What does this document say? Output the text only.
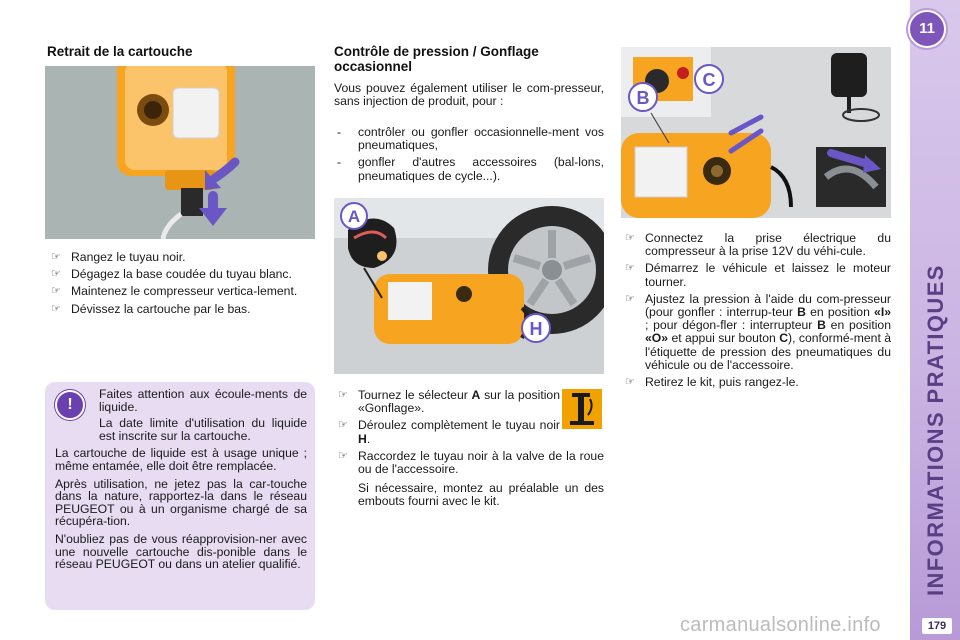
11
INFORMATIONS PRATIQUES
179
Retrait de la cartouche
☞ Rangez le tuyau noir.
☞ Dégagez la base coudée du tuyau blanc.
☞ Maintenez le compresseur vertica-lement.
☞ Dévissez la cartouche par le bas.
!

Faites attention aux écoule-ments de liquide.

La date limite d'utilisation du liquide est inscrite sur la cartouche.

La cartouche de liquide est à usage unique ; même entamée, elle doit être remplacée.

Après utilisation, ne jetez pas la car-touche dans la nature, rapportez-la dans le réseau PEUGEOT ou à un organisme chargé de sa récupéra-tion.

N'oubliez pas de vous réapprovision-ner avec une nouvelle cartouche dis-ponible dans le réseau PEUGEOT ou dans un atelier qualifié.

Contrôle de pression / Gonflage occasionnel
Vous pouvez également utiliser le com-presseur, sans injection de produit, pour :
- contrôler ou gonfler occasionnelle-ment vos pneumatiques,
- gonfler d'autres accessoires (bal-lons, pneumatiques de cycle...).
A
H
☞ Tournez le sélecteur A sur la position «Gonflage».
☞ Déroulez complètement le tuyau noir H.
☞ Raccordez le tuyau noir à la valve de la roue ou de l'accessoire.
Si nécessaire, montez au préalable un des embouts fourni avec le kit.
B
C
☞ Connectez la prise électrique du compresseur à la prise 12V du véhi-cule.
☞ Démarrez le véhicule et laissez le moteur tourner.
☞ Ajustez la pression à l'aide du com-presseur (pour gonfler : interrup-teur B en position «I» ; pour dégon-fler : interrupteur B en position «O» et appui sur bouton C), conformé-ment à l'étiquette de pression des pneumatiques du véhicule ou de l'accessoire.
☞ Retirez le kit, puis rangez-le.
carmanualsonline.info
